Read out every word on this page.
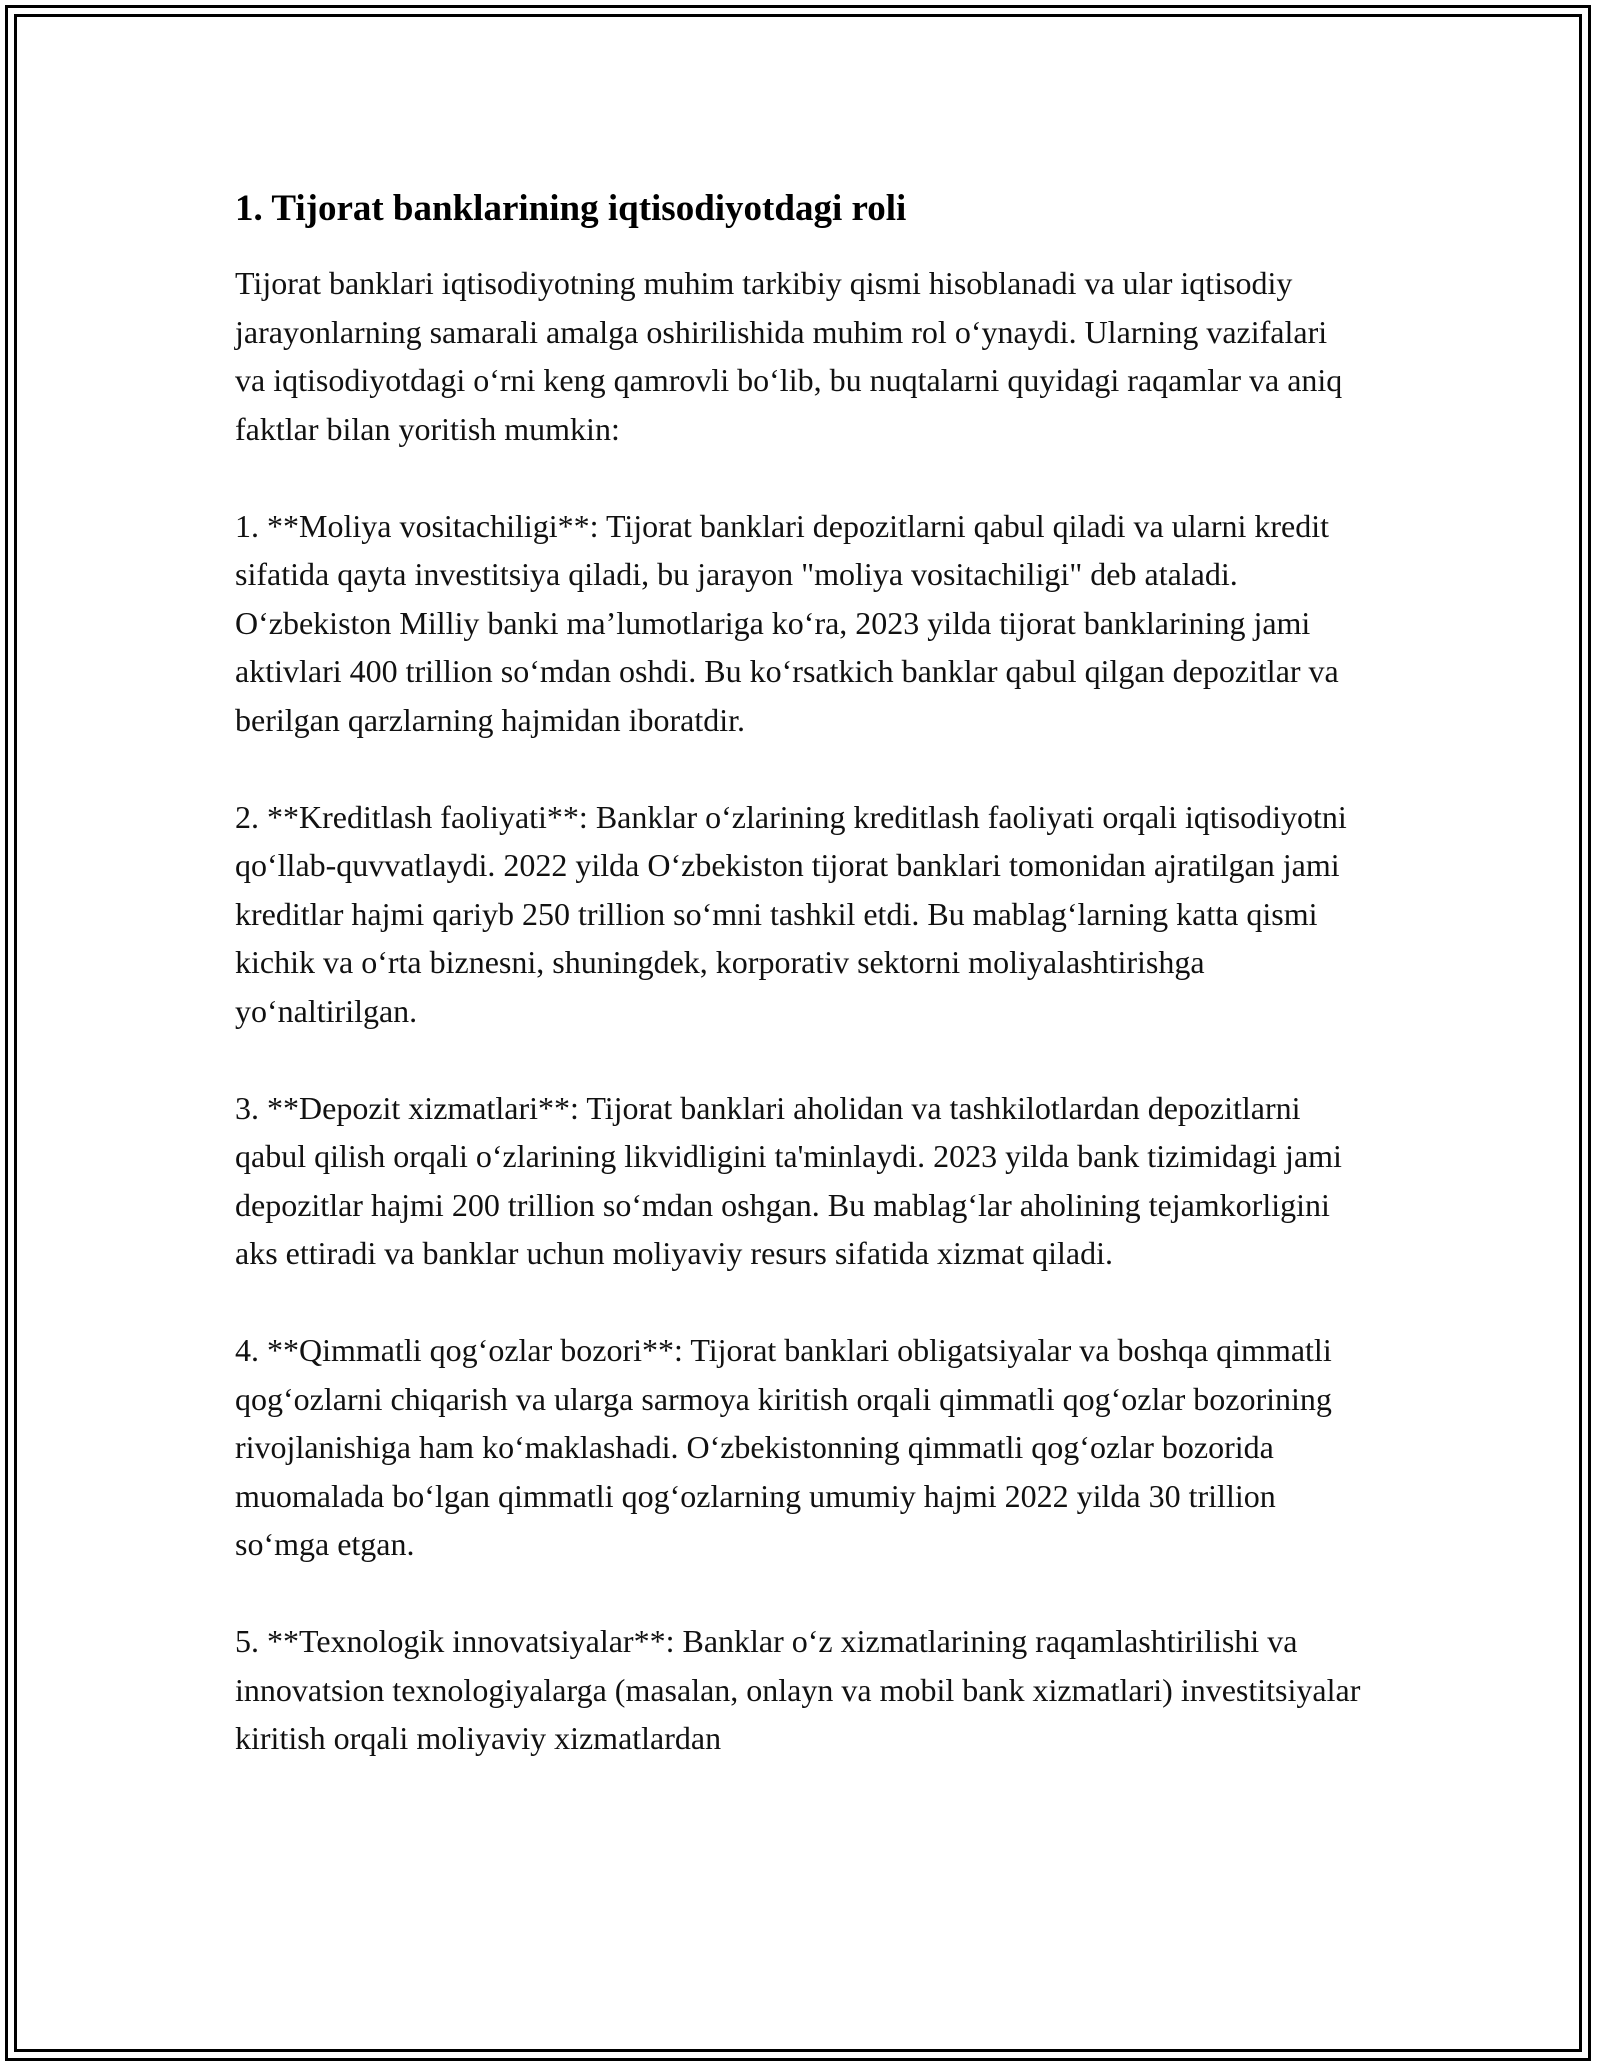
1. Tijorat banklarining iqtisodiyotdagi roli

Tijorat banklari iqtisodiyotning muhim tarkibiy qismi hisoblanadi va ular iqtisodiy jarayonlarning samarali amalga oshirilishida muhim rol o‘ynaydi. Ularning vazifalari va iqtisodiyotdagi o‘rni keng qamrovli bo‘lib, bu nuqtalarni quyidagi raqamlar va aniq faktlar bilan yoritish mumkin:

1. **Moliya vositachiligi**: Tijorat banklari depozitlarni qabul qiladi va ularni kredit sifatida qayta investitsiya qiladi, bu jarayon "moliya vositachiligi" deb ataladi. O‘zbekiston Milliy banki ma’lumotlariga ko‘ra, 2023 yilda tijorat banklarining jami aktivlari 400 trillion so‘mdan oshdi. Bu ko‘rsatkich banklar qabul qilgan depozitlar va berilgan qarzlarning hajmidan iboratdir.

2. **Kreditlash faoliyati**: Banklar o‘zlarining kreditlash faoliyati orqali iqtisodiyotni qo‘llab-quvvatlaydi. 2022 yilda O‘zbekiston tijorat banklari tomonidan ajratilgan jami kreditlar hajmi qariyb 250 trillion so‘mni tashkil etdi. Bu mablag‘larning katta qismi kichik va o‘rta biznesni, shuningdek, korporativ sektorni moliyalashtirishga yo‘naltirilgan.

3. **Depozit xizmatlari**: Tijorat banklari aholidan va tashkilotlardan depozitlarni qabul qilish orqali o‘zlarining likvidligini ta'minlaydi. 2023 yilda bank tizimidagi jami depozitlar hajmi 200 trillion so‘mdan oshgan. Bu mablag‘lar aholining tejamkorligini aks ettiradi va banklar uchun moliyaviy resurs sifatida xizmat qiladi.

4. **Qimmatli qog‘ozlar bozori**: Tijorat banklari obligatsiyalar va boshqa qimmatli qog‘ozlarni chiqarish va ularga sarmoya kiritish orqali qimmatli qog‘ozlar bozorining rivojlanishiga ham ko‘maklashadi. O‘zbekistonning qimmatli qog‘ozlar bozorida muomalada bo‘lgan qimmatli qog‘ozlarning umumiy hajmi 2022 yilda 30 trillion so‘mga etgan.

5. **Texnologik innovatsiyalar**: Banklar o‘z xizmatlarining raqamlashtirilishi va innovatsion texnologiyalarga (masalan, onlayn va mobil bank xizmatlari) investitsiyalar kiritish orqali moliyaviy xizmatlardan
